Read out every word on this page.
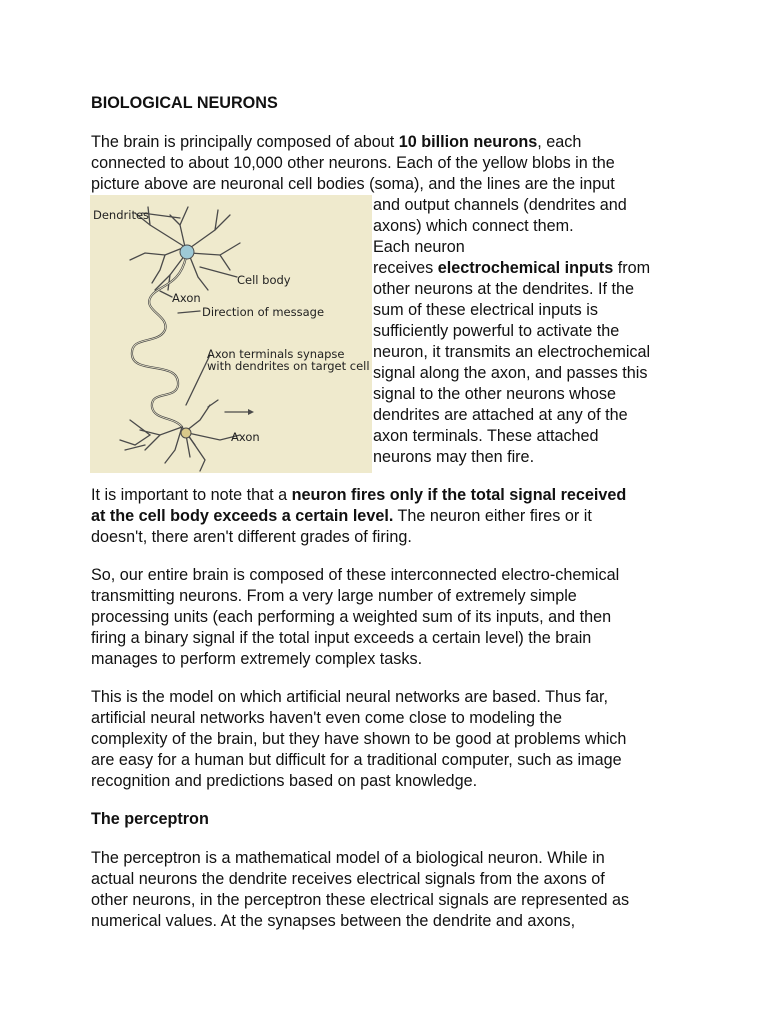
BIOLOGICAL NEURONS
The brain is principally composed of about 10 billion neurons, each
connected to about 10,000 other neurons. Each of the yellow blobs in the
picture above are neuronal cell bodies (soma), and the lines are the input
and output channels (dendrites and
axons) which connect them.
Each neuron
receives electrochemical inputs from
other neurons at the dendrites. If the
sum of these electrical inputs is
sufficiently powerful to activate the
neuron, it transmits an electrochemical
signal along the axon, and passes this
signal to the other neurons whose
dendrites are attached at any of the
axon terminals. These attached
neurons may then fire.
Dendrites
Cell body
Axon
Direction of message
Axon terminals synapse
with dendrites on target cell
Axon
It is important to note that a neuron fires only if the total signal received
at the cell body exceeds a certain level. The neuron either fires or it
doesn't, there aren't different grades of firing.
So, our entire brain is composed of these interconnected electro-chemical
transmitting neurons. From a very large number of extremely simple
processing units (each performing a weighted sum of its inputs, and then
firing a binary signal if the total input exceeds a certain level) the brain
manages to perform extremely complex tasks.
This is the model on which artificial neural networks are based. Thus far,
artificial neural networks haven't even come close to modeling the
complexity of the brain, but they have shown to be good at problems which
are easy for a human but difficult for a traditional computer, such as image
recognition and predictions based on past knowledge.
The perceptron
The perceptron is a mathematical model of a biological neuron. While in
actual neurons the dendrite receives electrical signals from the axons of
other neurons, in the perceptron these electrical signals are represented as
numerical values. At the synapses between the dendrite and axons,
